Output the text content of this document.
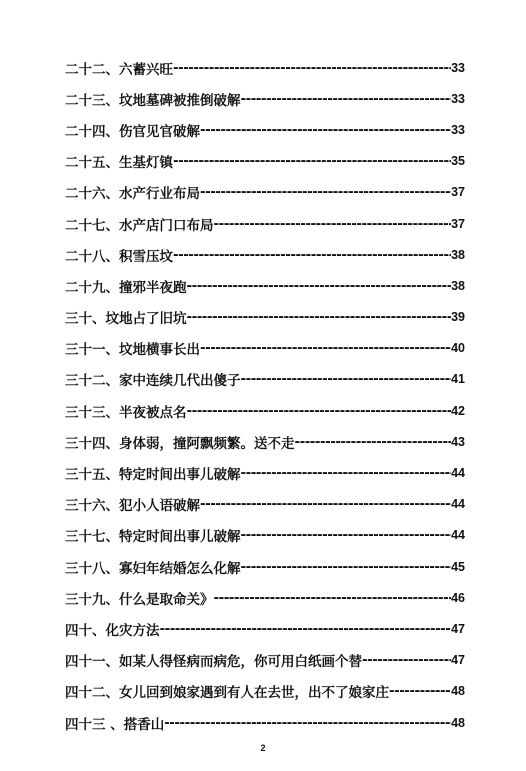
二十二、六蓄兴旺 -----	33
二十三、坟地墓碑被推倒破解 -----	33
二十四、伤官见官破解 -----	33
二十五、生基灯镇 -----	35
二十六、水产行业布局 -----	37
二十七、水产店门口布局 -----	37
二十八、积雪压坟 -----	38
二十九、撞邪半夜跑 -----	38
三十、坟地占了旧坑 -----	39
三十一、坟地横事长出 -----	40
三十二、家中连续几代出傻子 -----	41
三十三、半夜被点名 -----	42
三十四、身体弱，撞阿飘频繁。送不走 -----	43
三十五、特定时间出事儿破解 -----	44
三十六、犯小人语破解 -----	44
三十七、特定时间出事儿破解 -----	44
三十八、寡妇年结婚怎么化解 -----	45
三十九、什么是取命关》 -----	46
四十、化灾方法 -----	47
四十一、如某人得怪病而病危，你可用白纸画个替 -----	47
四十二、女儿回到娘家遇到有人在去世，出不了娘家庄 -----	48
四十三 、搭香山 -----	48
2
